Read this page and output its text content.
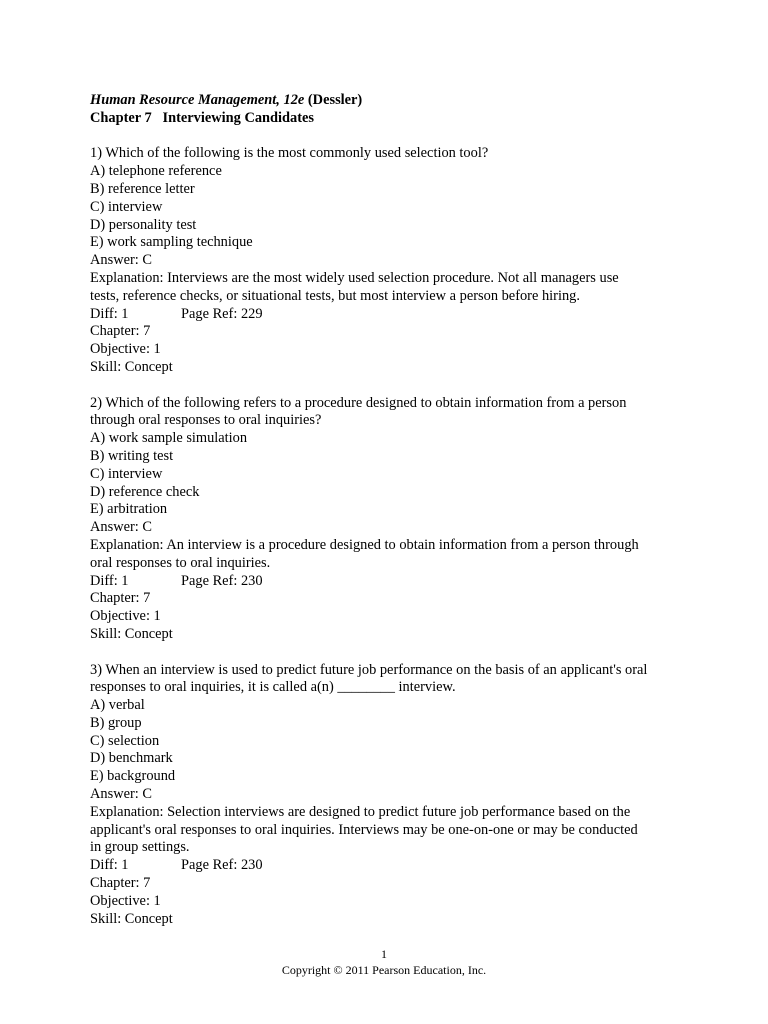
Human Resource Management, 12e (Dessler)
Chapter 7 Interviewing Candidates
1) Which of the following is the most commonly used selection tool?
A) telephone reference
B) reference letter
C) interview
D) personality test
E) work sampling technique
Answer: C
Explanation: Interviews are the most widely used selection procedure. Not all managers use
tests, reference checks, or situational tests, but most interview a person before hiring.
Diff: 1	Page Ref: 229
Chapter: 7
Objective: 1
Skill: Concept
2) Which of the following refers to a procedure designed to obtain information from a person
through oral responses to oral inquiries?
A) work sample simulation
B) writing test
C) interview
D) reference check
E) arbitration
Answer: C
Explanation: An interview is a procedure designed to obtain information from a person through
oral responses to oral inquiries.
Diff: 1	Page Ref: 230
Chapter: 7
Objective: 1
Skill: Concept
3) When an interview is used to predict future job performance on the basis of an applicant's oral
responses to oral inquiries, it is called a(n) ________ interview.
A) verbal
B) group
C) selection
D) benchmark
E) background
Answer: C
Explanation: Selection interviews are designed to predict future job performance based on the
applicant's oral responses to oral inquiries. Interviews may be one-on-one or may be conducted
in group settings.
Diff: 1	Page Ref: 230
Chapter: 7
Objective: 1
Skill: Concept
1
Copyright © 2011 Pearson Education, Inc.
